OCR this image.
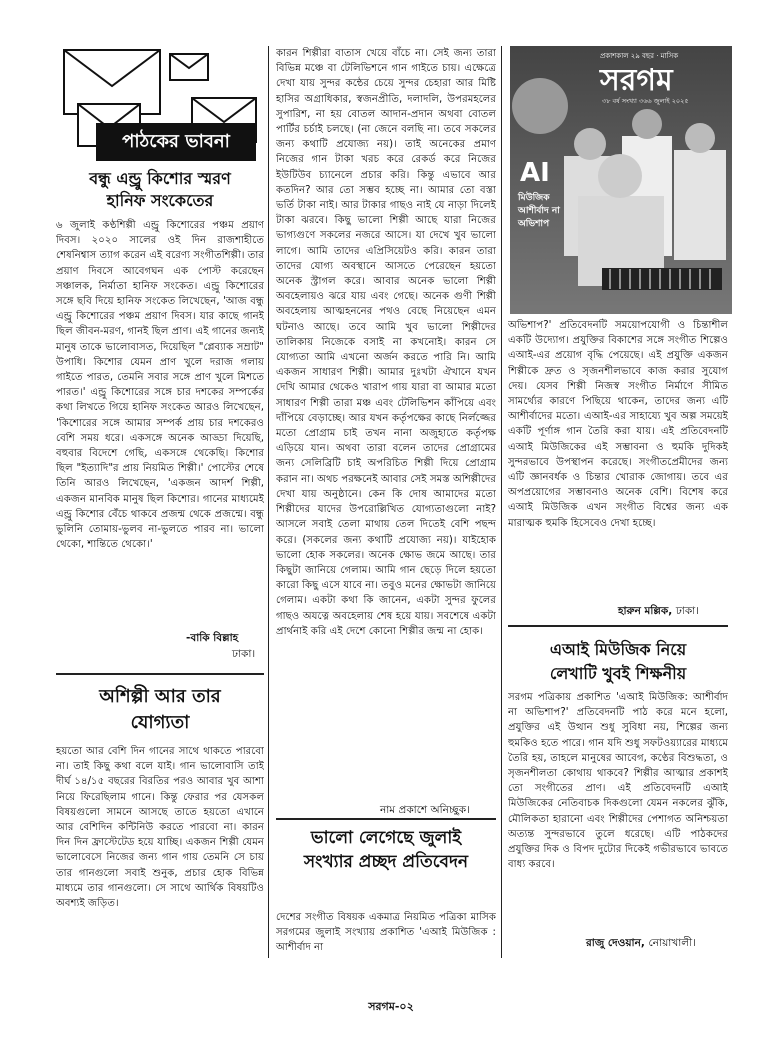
পাঠকের ভাবনা
বন্ধু এন্ড্রু কিশোর স্মরণ
হানিফ সংকেতের

৬ জুলাই কণ্ঠশিল্পী এন্ড্রু কিশোরের পঞ্চম প্রয়াণ দিবস। ২০২০ সালের ওই দিন রাজশাহীতে শেষনিশ্বাস ত্যাগ করেন এই বরেণ্য সংগীতশিল্পী। তার প্রয়াণ দিবসে আবেগঘন এক পোস্ট করেছেন সঞ্চালক, নির্মাতা হানিফ সংকেত। এন্ড্রু কিশোরের সঙ্গে ছবি দিয়ে হানিফ সংকেত লিখেছেন, 'আজ বন্ধু এন্ড্রু কিশোরের পঞ্চম প্রয়াণ দিবস। যার কাছে গানই ছিল জীবন-মরণ, গানই ছিল প্রাণ। এই গানের জন্যই মানুষ তাকে ভালোবাসত, দিয়েছিল "প্লেব্যাক সম্রাট" উপাধি। কিশোর যেমন প্রাণ খুলে দরাজ গলায় গাইতে পারত, তেমনি সবার সঙ্গে প্রাণ খুলে মিশতে পারত।' এন্ড্রু কিশোরের সঙ্গে চার দশকের সম্পর্কের কথা লিখতে গিয়ে হানিফ সংকেত আরও লিখেছেন, 'কিশোরের সঙ্গে আমার সম্পর্ক প্রায় চার দশকেরও বেশি সময় ধরে। একসঙ্গে অনেক আড্ডা দিয়েছি, বহুবার বিদেশে গেছি, একসঙ্গে থেকেছি। কিশোর ছিল "ইত্যাদি"র প্রায় নিয়মিত শিল্পী।' পোস্টের শেষে তিনি আরও লিখেছেন, 'একজন আদর্শ শিল্পী, একজন মানবিক মানুষ ছিল কিশোর। গানের মাধ্যমেই এন্ড্রু কিশোর বেঁচে থাকবে প্রজন্ম থেকে প্রজন্মে। বন্ধু ভুলিনি তোমায়-ভুলব না-ভুলতে পারব না। ভালো থেকো, শান্তিতে থেকো।'

-বাকি বিল্লাহ
ঢাকা।
অশিল্পী আর তার
যোগ্যতা

হয়তো আর বেশি দিন গানের সাথে থাকতে পারবো না। তাই কিছু কথা বলে যাই। গান ভালোবাসি তাই দীর্ঘ ১৪/১৫ বছরের বিরতির পরও আবার খুব আশা নিয়ে ফিরেছিলাম গানে। কিন্তু ফেরার পর যেসকল বিষয়গুলো সামনে আসছে তাতে হয়তো এখানে আর বেশিদিন কন্টিনিউ করতে পারবো না। কারন দিন দিন ফ্রাস্টেটেড হয়ে যাচ্ছি। একজন শিল্পী যেমন ভালোবেসে নিজের জন্য গান গায় তেমনি সে চায় তার গানগুলো সবাই শুনুক, প্রচার হোক বিভিন্ন মাধ্যমে তার গানগুলো। সে সাথে আর্থিক বিষয়টিও অবশ্যই জড়িত।

কারন শিল্পীরা বাতাস খেয়ে বাঁচে না। সেই জন্য তারা বিভিন্ন মঞ্চে বা টেলিভিশনে গান গাইতে চায়। এক্ষেত্রে দেখা যায় সুন্দর কন্ঠের চেয়ে সুন্দর চেহারা আর মিষ্টি হাসির অগ্রাধিকার, স্বজনপ্রীতি, দলাদলি, উপরমহলের সুপারিশ, না হয় বোতল আদান-প্রদান অথবা বোতল পার্টির চর্চাই চলছে। (না জেনে বলছি না। তবে সকলের জন্য কথাটি প্রযোজ্য নয়)। তাই অনেকের প্রমাণ নিজের গান টাকা খরচ করে রেকর্ড করে নিজের ইউটিউব চ্যানেলে প্রচার করি। কিন্তু এভাবে আর কতদিন? আর তো সম্ভব হচ্ছে না। আমার তো বস্তা ভর্তি টাকা নাই। আর টাকার গাছও নাই যে নাড়া দিলেই টাকা ঝরবে। কিছু ভালো শিল্পী আছে যারা নিজের ভাগ্যগুণে সকলের নজরে আসে। যা দেখে খুব ভালো লাগে। আমি তাদের এপ্রিসিয়েটও করি। কারন তারা তাদের যোগ্য অবস্থানে আসতে পেরেছেন হয়তো অনেক স্ট্রাগল করে। আবার অনেক ভালো শিল্পী অবহেলায়ও ঝরে যায় এবং গেছে। অনেক গুণী শিল্পী অবহেলায় আত্মহননের পথও বেছে নিয়েছেন এমন ঘটনাও আছে। তবে আমি খুব ভালো শিল্পীদের তালিকায় নিজেকে বসাই না কখনোই। কারন সে যোগ্যতা আমি এখনো অর্জন করতে পারি নি। আমি একজন সাধারণ শিল্পী। আমার দুঃখটা ঐখানে যখন দেখি আমার থেকেও খারাপ গায় যারা বা আমার মতো সাধারণ শিল্পী তারা মঞ্চ এবং টেলিভিশন কাঁপিয়ে এবং দাঁপিয়ে বেড়াচ্ছে। আর যখন কর্তৃপক্ষের কাছে নির্লজ্জের মতো প্রোগ্রাম চাই তখন নানা অজুহাতে কর্তৃপক্ষ এড়িয়ে যান। অথবা তারা বলেন তাদের প্রোগ্রামের জন্য সেলিব্রিটি চাই অপরিচিত শিল্পী দিয়ে প্রোগ্রাম করান না। অথচ পরক্ষনেই আবার সেই সমস্ত অশিল্পীদের দেখা যায় অনুষ্ঠানে। কেন কি দোষ আমাদের মতো শিল্পীদের যাদের উপরোল্লিখিত যোগ্যতাগুলো নাই? আসলে সবাই তেলা মাথায় তেল দিতেই বেশি পছন্দ করে। (সকলের জন্য কথাটি প্রযোজ্য নয়)। যাইহোক ভালো হোক সকলের। অনেক ক্ষোভ জমে আছে। তার কিছুটা জানিয়ে গেলাম। আমি গান ছেড়ে দিলে হয়তো কারো কিছু এসে যাবে না। তবুও মনের ক্ষোভটা জানিয়ে গেলাম। একটা কথা কি জানেন, একটা সুন্দর ফুলের গাছও অযত্নে অবহেলায় শেষ হয়ে যায়। সবশেষে একটা প্রার্থনাই করি এই দেশে কোনো শিল্পীর জন্ম না হোক।

নাম প্রকাশে অনিচ্ছুক।
ভালো লেগেছে জুলাই
সংখ্যার প্রচ্ছদ প্রতিবেদন

দেশের সংগীত বিষয়ক একমাত্র নিয়মিত পত্রিকা মাসিক সরগমের জুলাই সংখ্যায় প্রকাশিত 'এআই মিউজিক : আশীর্বাদ না

অভিশাপ?' প্রতিবেদনটি সময়োপযোগী ও চিন্তাশীল একটি উদ্যোগ। প্রযুক্তির বিকাশের সঙ্গে সংগীত শিল্পেও এআই-এর প্রয়োগ বৃদ্ধি পেয়েছে। এই প্রযুক্তি একজন শিল্পীকে দ্রুত ও সৃজনশীলভাবে কাজ করার সুযোগ দেয়। যেসব শিল্পী নিজস্ব সংগীত নির্মাণে সীমিত সামর্থ্যের কারণে পিছিয়ে থাকেন, তাদের জন্য এটি আশীর্বাদের মতো। এআই-এর সাহায্যে খুব অল্প সময়েই একটি পূর্ণাঙ্গ গান তৈরি করা যায়। এই প্রতিবেদনটি এআই মিউজিকের এই সম্ভাবনা ও হুমকি দুদিকই সুন্দরভাবে উপস্থাপন করেছে। সংগীতপ্রেমীদের জন্য এটি জ্ঞানবর্ধক ও চিন্তার খোরাক জোগায়। তবে এর অপপ্রয়োগের সম্ভাবনাও অনেক বেশি। বিশেষ করে এআই মিউজিক এখন সংগীত বিশ্বের জন্য এক মারাত্মক হুমকি হিসেবেও দেখা হচ্ছে।

হারুন মল্লিক, ঢাকা।
এআই মিউজিক নিয়ে
লেখাটি খুবই শিক্ষনীয়

সরগম পত্রিকায় প্রকাশিত 'এআই মিউজিক: আশীর্বাদ না অভিশাপ?' প্রতিবেদনটি পাঠ করে মনে হলো, প্রযুক্তির এই উত্থান শুধু সুবিধা নয়, শিল্পের জন্য হুমকিও হতে পারে। গান যদি শুধু সফটওয়্যারের মাধ্যমে তৈরি হয়, তাহলে মানুষের আবেগ, কণ্ঠের বিশুদ্ধতা, ও সৃজনশীলতা কোথায় থাকবে? শিল্পীর আত্মার প্রকাশই তো সংগীতের প্রাণ। এই প্রতিবেদনটি এআই মিউজিকের নেতিবাচক দিকগুলো যেমন নকলের ঝুঁকি, মৌলিকতা হারানো এবং শিল্পীদের পেশাগত অনিশ্চয়তা অত্যন্ত সুন্দরভাবে তুলে ধরেছে। এটি পাঠকদের প্রযুক্তির দিক ও বিপদ দুটোর দিকেই গভীরভাবে ভাবতে বাধ্য করবে।

রাজু দেওয়ান, নোয়াখালী।
প্রকাশকাল ২৯ বছর · মাসিক
সরগম
৩৮ বর্ষ সংখ্যা ৩৬৬ জুলাই ২০২৫
AI
মিউজিক আশীর্বাদ না অভিশাপ
সরগম-০২
